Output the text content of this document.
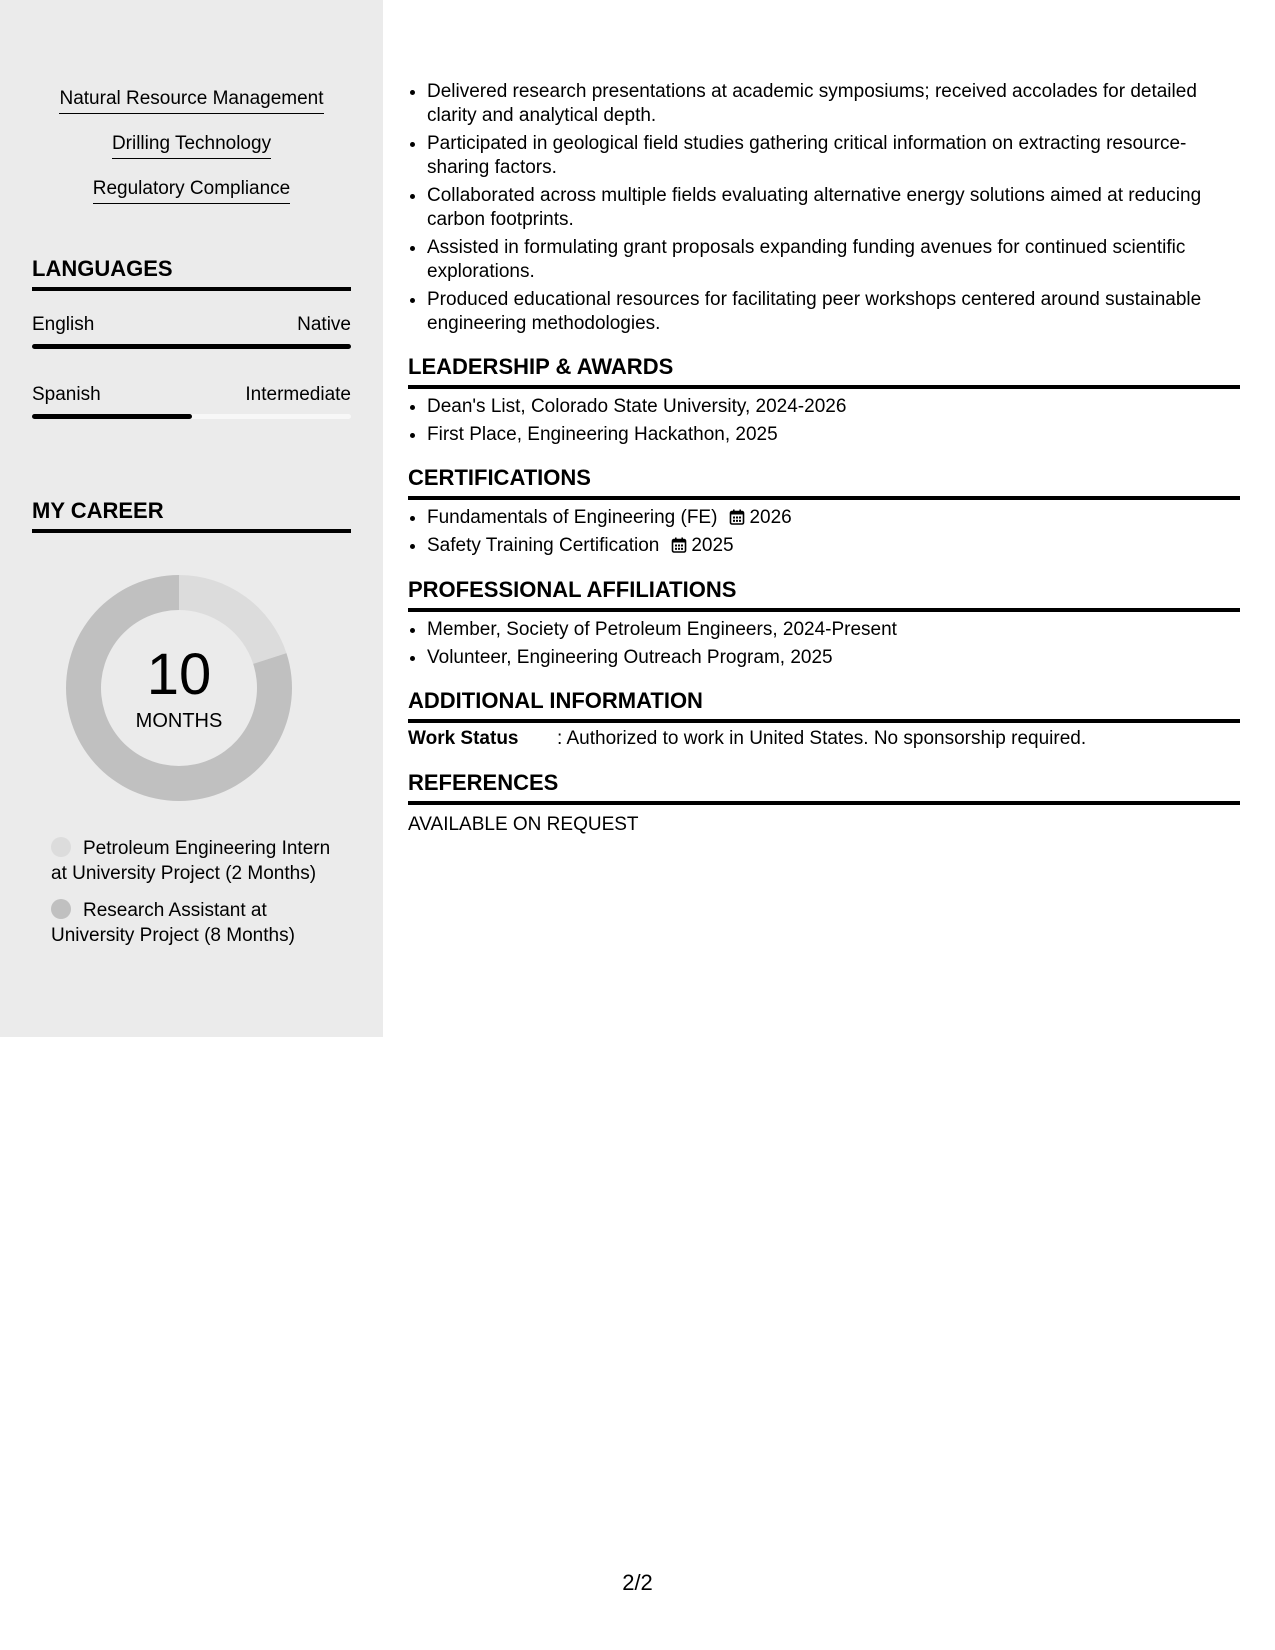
Natural Resource Management
Drilling Technology
Regulatory Compliance
LANGUAGES
English	Native
Spanish	Intermediate
MY CAREER
10
MONTHS
Petroleum Engineering Intern at University Project (2 Months)
Research Assistant at University Project (8 Months)
• Delivered research presentations at academic symposiums; received accolades for detailed clarity and analytical depth.
• Participated in geological field studies gathering critical information on extracting resource-sharing factors.
• Collaborated across multiple fields evaluating alternative energy solutions aimed at reducing carbon footprints.
• Assisted in formulating grant proposals expanding funding avenues for continued scientific explorations.
• Produced educational resources for facilitating peer workshops centered around sustainable engineering methodologies.
LEADERSHIP & AWARDS
• Dean's List, Colorado State University, 2024-2026
• First Place, Engineering Hackathon, 2025
CERTIFICATIONS
• Fundamentals of Engineering (FE) 2026
• Safety Training Certification 2025
PROFESSIONAL AFFILIATIONS
• Member, Society of Petroleum Engineers, 2024-Present
• Volunteer, Engineering Outreach Program, 2025
ADDITIONAL INFORMATION
Work Status : Authorized to work in United States. No sponsorship required.
REFERENCES
AVAILABLE ON REQUEST
2/2
